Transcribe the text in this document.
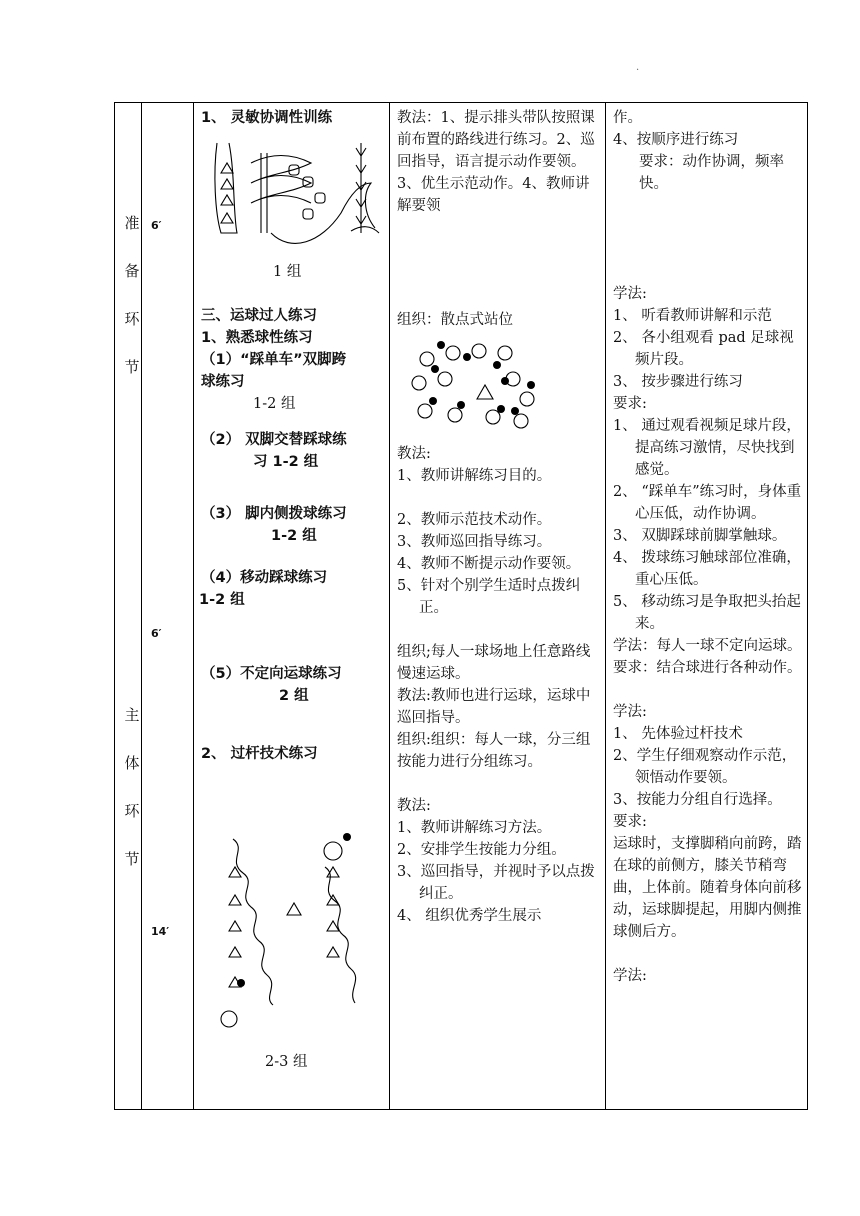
.
准
备
环
节
主
体
环
节
6′
6′
14′
1、 灵敏协调性训练
1 组
三、运球过人练习
1、熟悉球性练习
（1）“踩单车”双脚跨
球练习
1-2 组
（2） 双脚交替踩球练
习 1-2 组
（3） 脚内侧拨球练习
1-2 组
（4）移动踩球练习
1-2 组
（5）不定向运球练习
2 组
2、 过杆技术练习
2-3 组
教法：1、提示排头带队按照课前布置的路线进行练习。2、巡回指导，语言提示动作要领。3、优生示范动作。4、教师讲解要领
组织：散点式站位
教法:
1、教师讲解练习目的。
2、教师示范技术动作。
3、教师巡回指导练习。
4、教师不断提示动作要领。
5、针对个别学生适时点拨纠正。
组织;每人一球场地上任意路线慢速运球。
教法:教师也进行运球，运球中巡回指导。
组织:组织：每人一球，分三组按能力进行分组练习。
教法:
1、教师讲解练习方法。
2、安排学生按能力分组。
3、巡回指导，并视时予以点拨纠正。
4、 组织优秀学生展示
作。
4、按顺序进行练习
要求：动作协调，频率快。
学法:
1、 听看教师讲解和示范
2、 各小组观看 pad 足球视频片段。
3、 按步骤进行练习
要求:
1、 通过观看视频足球片段，提高练习激情，尽快找到感觉。
2、 “踩单车”练习时，身体重心压低，动作协调。
3、 双脚踩球前脚掌触球。
4、 拨球练习触球部位准确，重心压低。
5、 移动练习是争取把头抬起来。
学法：每人一球不定向运球。
要求：结合球进行各种动作。
学法:
1、 先体验过杆技术
2、学生仔细观察动作示范，领悟动作要领。
3、按能力分组自行选择。
要求:
运球时，支撑脚稍向前跨，踏在球的前侧方，膝关节稍弯曲，上体前。随着身体向前移动，运球脚提起，用脚内侧推球侧后方。
学法:
